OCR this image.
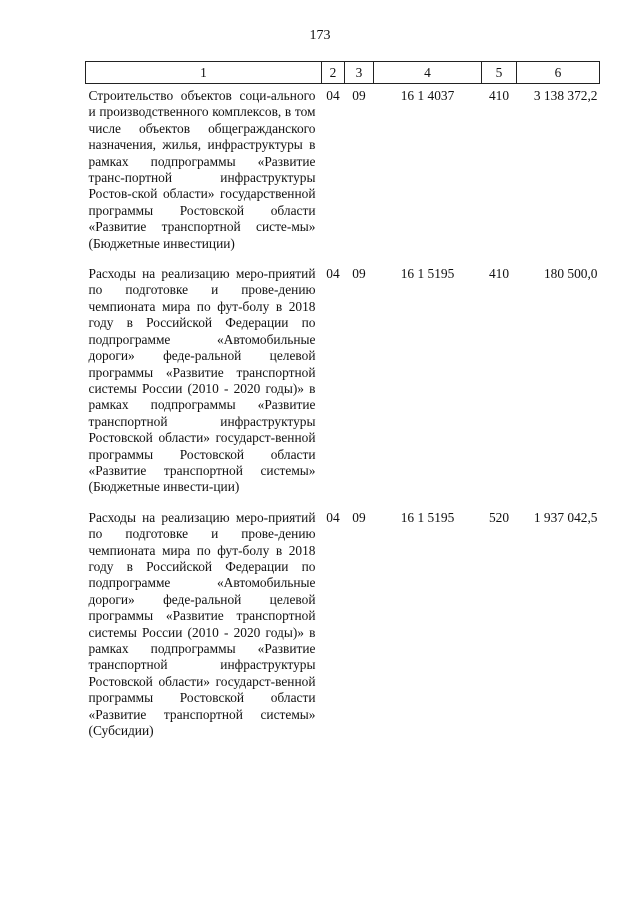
173
1	2	3	4	5	6
Строительство объектов соци-ального и производственного комплексов, в том числе объектов общегражданского назначения, жилья, инфраструктуры в рамках подпрограммы «Развитие транс-портной инфраструктуры Ростов-ской области» государственной программы Ростовской области «Развитие транспортной систе-мы» (Бюджетные инвестиции)	04	09	16 1 4037	410	3 138 372,2
Расходы на реализацию меро-приятий по подготовке и прове-дению чемпионата мира по фут-болу в 2018 году в Российской Федерации по подпрограмме «Автомобильные дороги» феде-ральной целевой программы «Развитие транспортной системы России (2010 - 2020 годы)» в рамках подпрограммы «Развитие транспортной инфраструктуры Ростовской области» государст-венной программы Ростовской области «Развитие транспортной системы» (Бюджетные инвести-ции)	04	09	16 1 5195	410	180 500,0
Расходы на реализацию меро-приятий по подготовке и прове-дению чемпионата мира по фут-болу в 2018 году в Российской Федерации по подпрограмме «Автомобильные дороги» феде-ральной целевой программы «Развитие транспортной системы России (2010 - 2020 годы)» в рамках подпрограммы «Развитие транспортной инфраструктуры Ростовской области» государст-венной программы Ростовской области «Развитие транспортной системы» (Субсидии)	04	09	16 1 5195	520	1 937 042,5
